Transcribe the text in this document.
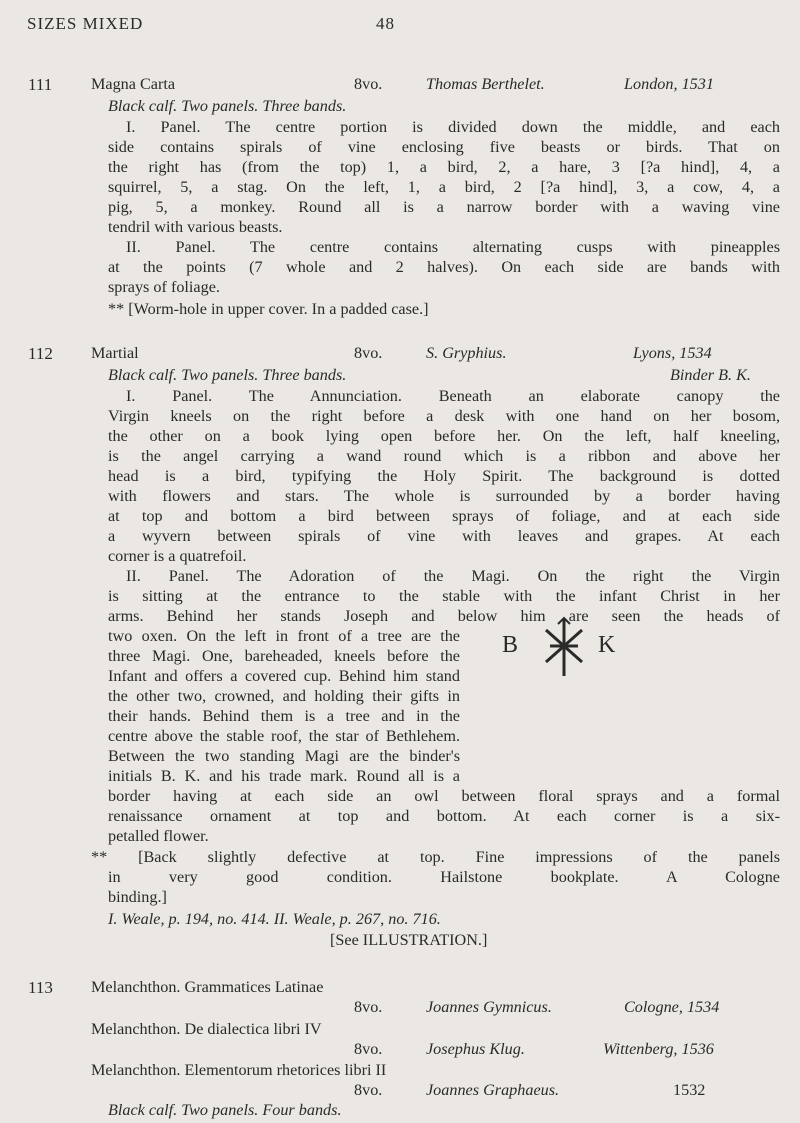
SIZES MIXED	48
111 Magna Carta	8vo.	Thomas Berthelet.	London, 1531
Black calf. Two panels. Three bands.
I. Panel. The centre portion is divided down the middle, and each
side contains spirals of vine enclosing five beasts or birds. That on
the right has (from the top) 1, a bird, 2, a hare, 3 [?a hind], 4, a
squirrel, 5, a stag. On the left, 1, a bird, 2 [?a hind], 3, a cow, 4, a
pig, 5, a monkey. Round all is a narrow border with a waving vine
tendril with various beasts.
II. Panel. The centre contains alternating cusps with pineapples
at the points (7 whole and 2 halves). On each side are bands with
sprays of foliage.
** [Worm-hole in upper cover. In a padded case.]
112 Martial	8vo.	S. Gryphius.	Lyons, 1534
Black calf. Two panels. Three bands.	Binder B. K.
I. Panel. The Annunciation. Beneath an elaborate canopy the
Virgin kneels on the right before a desk with one hand on her bosom,
the other on a book lying open before her. On the left, half kneeling,
is the angel carrying a wand round which is a ribbon and above her
head is a bird, typifying the Holy Spirit. The background is dotted
with flowers and stars. The whole is surrounded by a border having
at top and bottom a bird between sprays of foliage, and at each side
a wyvern between spirals of vine with leaves and grapes. At each
corner is a quatrefoil.
II. Panel. The Adoration of the Magi. On the right the Virgin
is sitting at the entrance to the stable with the infant Christ in her
arms. Behind her stands Joseph and below him are seen the heads of
two oxen. On the left in front of a tree are the
three Magi. One, bareheaded, kneels before the
Infant and offers a covered cup. Behind him stand
the other two, crowned, and holding their gifts in
their hands. Behind them is a tree and in the
centre above the stable roof, the star of Bethlehem.
Between the two standing Magi are the binder's
initials B. K. and his trade mark. Round all is a
border having at each side an owl between floral sprays and a formal
renaissance ornament at top and bottom. At each corner is a six-
petalled flower.
** [Back slightly defective at top. Fine impressions of the panels
in very good condition. Hailstone bookplate. A Cologne
binding.]
I. Weale, p. 194, no. 414. II. Weale, p. 267, no. 716.
[See ILLUSTRATION.]
B	K
113 Melanchthon. Grammatices Latinae
8vo.	Joannes Gymnicus.	Cologne, 1534
Melanchthon. De dialectica libri IV
8vo.	Josephus Klug.	Wittenberg, 1536
Melanchthon. Elementorum rhetorices libri II
8vo.	Joannes Graphaeus.	1532
Black calf. Two panels. Four bands.
